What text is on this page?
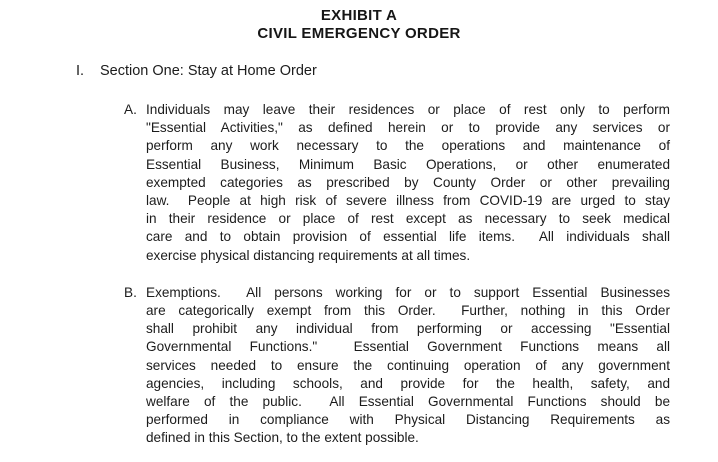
EXHIBIT A
CIVIL EMERGENCY ORDER
I.	Section One: Stay at Home Order
A. Individuals may leave their residences or place of rest only to perform
"Essential Activities," as defined herein or to provide any services or
perform any work necessary to the operations and maintenance of
Essential Business, Minimum Basic Operations, or other enumerated
exempted categories as prescribed by County Order or other prevailing
law.  People at high risk of severe illness from COVID-19 are urged to stay
in their residence or place of rest except as necessary to seek medical
care and to obtain provision of essential life items.  All individuals shall
exercise physical distancing requirements at all times.
B. Exemptions.  All persons working for or to support Essential Businesses
are categorically exempt from this Order.  Further, nothing in this Order
shall prohibit any individual from performing or accessing "Essential
Governmental Functions."  Essential Government Functions means all
services needed to ensure the continuing operation of any government
agencies, including schools, and provide for the health, safety, and
welfare of the public.  All Essential Governmental Functions should be
performed in compliance with Physical Distancing Requirements as
defined in this Section, to the extent possible.
